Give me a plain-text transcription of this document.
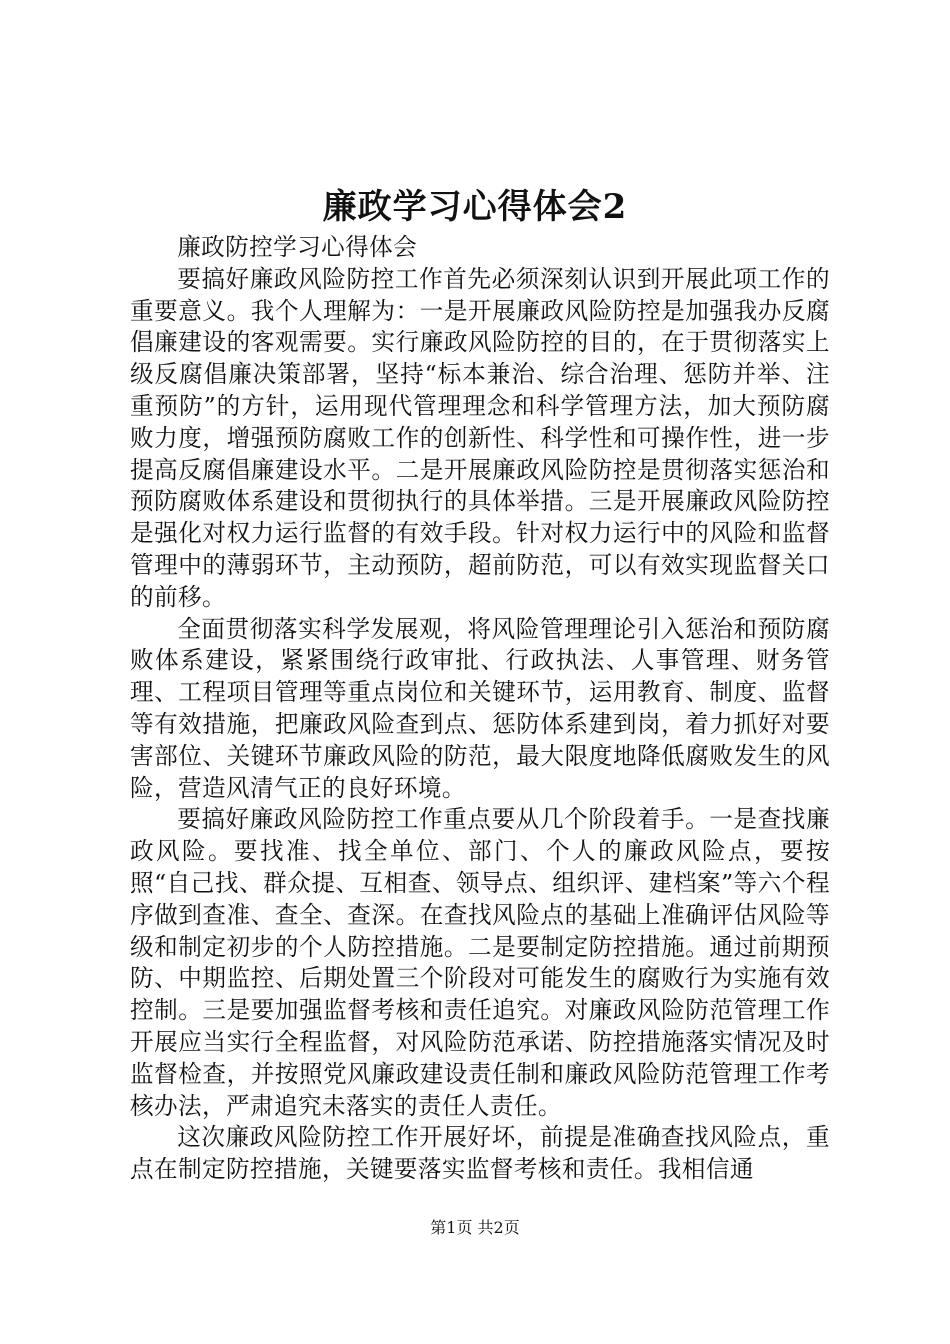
廉政学习心得体会2

廉政防控学习心得体会

要搞好廉政风险防控工作首先必须深刻认识到开展此项工作的重要意义。我个人理解为：一是开展廉政风险防控是加强我办反腐倡廉建设的客观需要。实行廉政风险防控的目的，在于贯彻落实上级反腐倡廉决策部署，坚持“标本兼治、综合治理、惩防并举、注重预防”的方针，运用现代管理理念和科学管理方法，加大预防腐败力度，增强预防腐败工作的创新性、科学性和可操作性，进一步提高反腐倡廉建设水平。二是开展廉政风险防控是贯彻落实惩治和预防腐败体系建设和贯彻执行的具体举措。三是开展廉政风险防控是强化对权力运行监督的有效手段。针对权力运行中的风险和监督管理中的薄弱环节，主动预防，超前防范，可以有效实现监督关口的前移。

全面贯彻落实科学发展观，将风险管理理论引入惩治和预防腐败体系建设，紧紧围绕行政审批、行政执法、人事管理、财务管理、工程项目管理等重点岗位和关键环节，运用教育、制度、监督等有效措施，把廉政风险查到点、惩防体系建到岗，着力抓好对要害部位、关键环节廉政风险的防范，最大限度地降低腐败发生的风险，营造风清气正的良好环境。

要搞好廉政风险防控工作重点要从几个阶段着手。一是查找廉政风险。要找准、找全单位、部门、个人的廉政风险点，要按照“自己找、群众提、互相查、领导点、组织评、建档案”等六个程序做到查准、查全、查深。在查找风险点的基础上准确评估风险等级和制定初步的个人防控措施。二是要制定防控措施。通过前期预防、中期监控、后期处置三个阶段对可能发生的腐败行为实施有效控制。三是要加强监督考核和责任追究。对廉政风险防范管理工作开展应当实行全程监督，对风险防范承诺、防控措施落实情况及时监督检查，并按照党风廉政建设责任制和廉政风险防范管理工作考核办法，严肃追究未落实的责任人责任。

这次廉政风险防控工作开展好坏，前提是准确查找风险点，重点在制定防控措施，关键要落实监督考核和责任。我相信通

第1页 共2页
